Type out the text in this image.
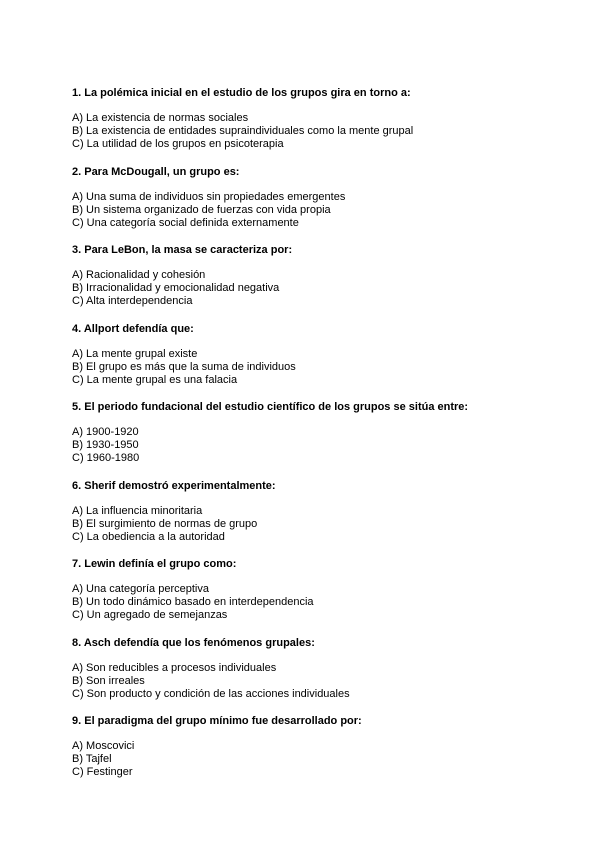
1. La polémica inicial en el estudio de los grupos gira en torno a:
A) La existencia de normas sociales
B) La existencia de entidades supraindividuales como la mente grupal
C) La utilidad de los grupos en psicoterapia
2. Para McDougall, un grupo es:
A) Una suma de individuos sin propiedades emergentes
B) Un sistema organizado de fuerzas con vida propia
C) Una categoría social definida externamente
3. Para LeBon, la masa se caracteriza por:
A) Racionalidad y cohesión
B) Irracionalidad y emocionalidad negativa
C) Alta interdependencia
4. Allport defendía que:
A) La mente grupal existe
B) El grupo es más que la suma de individuos
C) La mente grupal es una falacia
5. El periodo fundacional del estudio científico de los grupos se sitúa entre:
A) 1900-1920
B) 1930-1950
C) 1960-1980
6. Sherif demostró experimentalmente:
A) La influencia minoritaria
B) El surgimiento de normas de grupo
C) La obediencia a la autoridad
7. Lewin definía el grupo como:
A) Una categoría perceptiva
B) Un todo dinámico basado en interdependencia
C) Un agregado de semejanzas
8. Asch defendía que los fenómenos grupales:
A) Son reducibles a procesos individuales
B) Son irreales
C) Son producto y condición de las acciones individuales
9. El paradigma del grupo mínimo fue desarrollado por:
A) Moscovici
B) Tajfel
C) Festinger
